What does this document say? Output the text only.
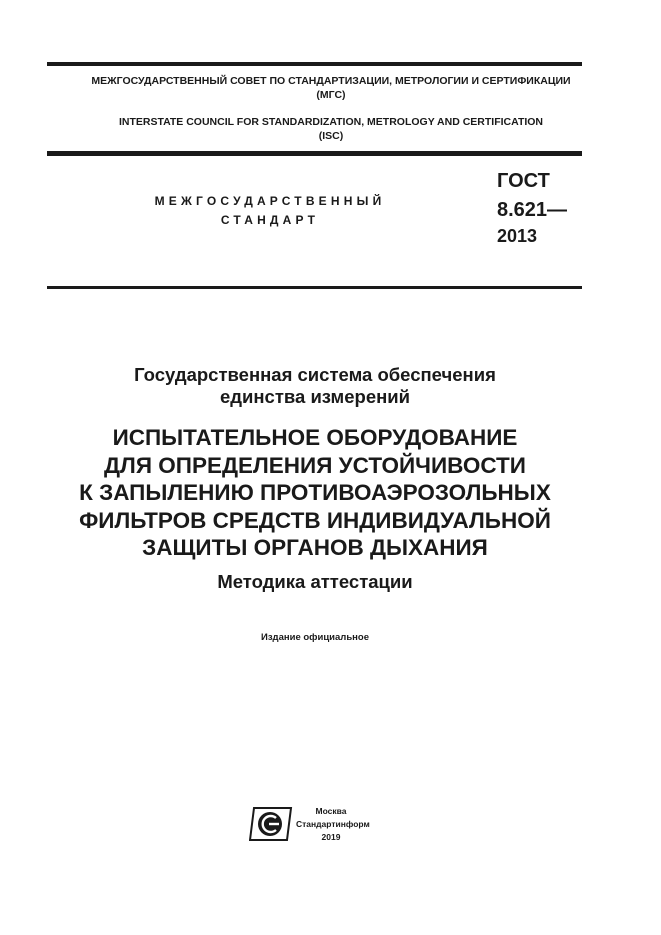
МЕЖГОСУДАРСТВЕННЫЙ СОВЕТ ПО СТАНДАРТИЗАЦИИ, МЕТРОЛОГИИ И СЕРТИФИКАЦИИ
(МГС)
INTERSTATE COUNCIL FOR STANDARDIZATION, METROLOGY AND CERTIFICATION
(ISC)
МЕЖГОСУДАРСТВЕННЫЙ
СТАНДАРТ
ГОСТ
8.621—
2013
Государственная система обеспечения
единства измерений
ИСПЫТАТЕЛЬНОЕ ОБОРУДОВАНИЕ
ДЛЯ ОПРЕДЕЛЕНИЯ УСТОЙЧИВОСТИ
К ЗАПЫЛЕНИЮ ПРОТИВОАЭРОЗОЛЬНЫХ
ФИЛЬТРОВ СРЕДСТВ ИНДИВИДУАЛЬНОЙ
ЗАЩИТЫ ОРГАНОВ ДЫХАНИЯ
Методика аттестации
Издание официальное
Москва
Стандартинформ
2019
